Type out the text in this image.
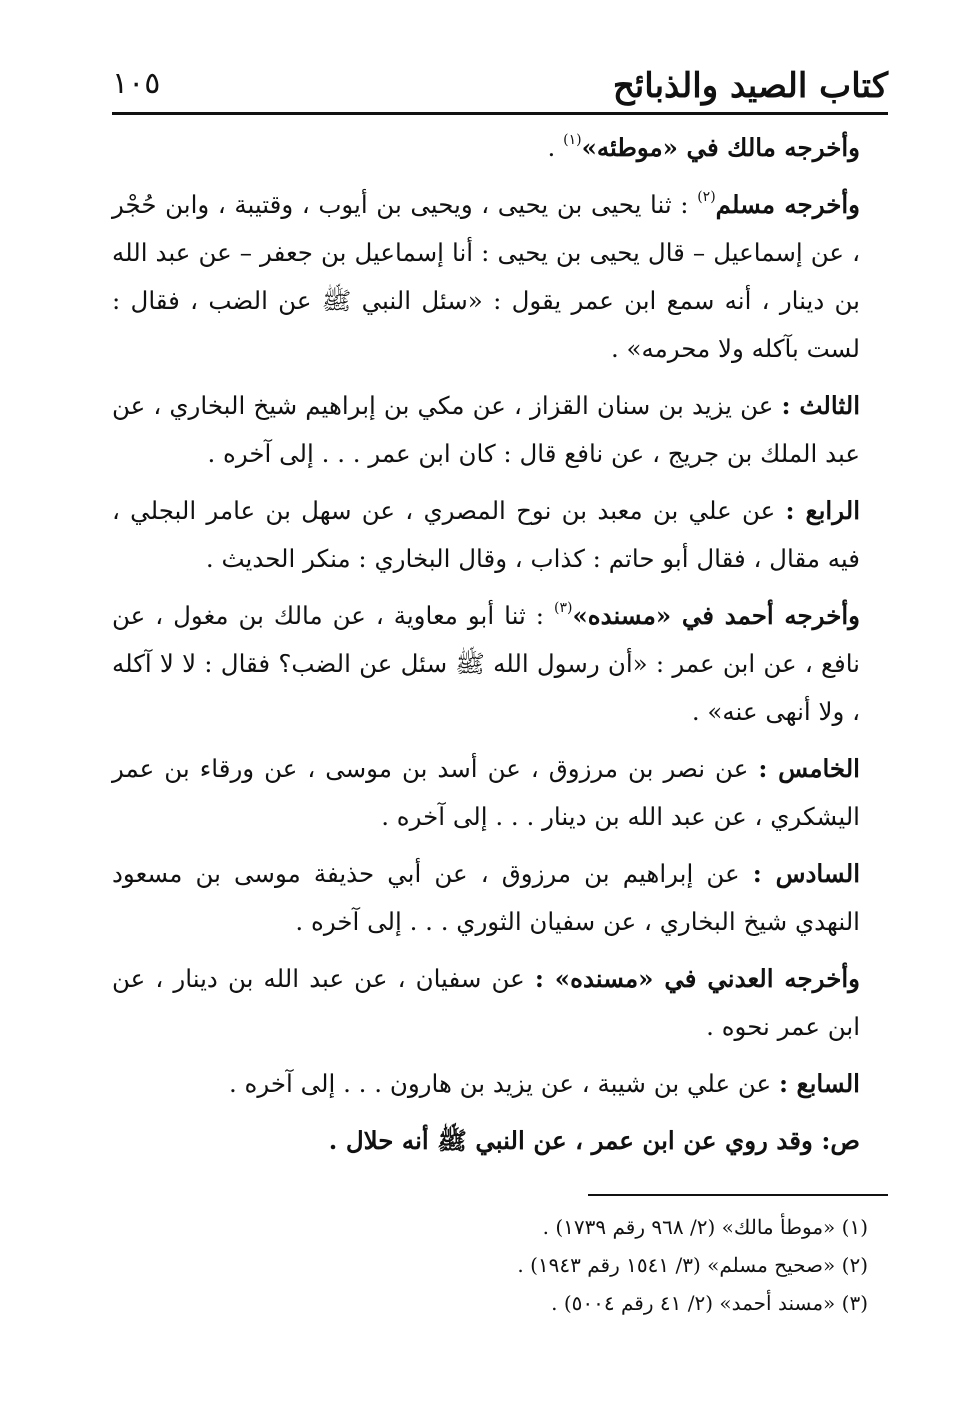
كتاب الصيد والذبائح
١٠٥

وأخرجه مالك في «موطئه»$^{(١)}$ .

وأخرجه مسلم$^{(٢)}$ : ثنا يحيى بن يحيى ، ويحيى بن أيوب ، وقتيبة ، وابن حُجْر ، عن إسماعيل – قال يحيى بن يحيى : أنا إسماعيل بن جعفر – عن عبد الله بن دينار ، أنه سمع ابن عمر يقول : «سئل النبي ﷺ عن الضب ، فقال : لست بآكله ولا محرمه» .

الثالث : عن يزيد بن سنان القزاز ، عن مكي بن إبراهيم شيخ البخاري ، عن عبد الملك بن جريج ، عن نافع قال : كان ابن عمر . . . إلى آخره .

الرابع : عن علي بن معبد بن نوح المصري ، عن سهل بن عامر البجلي ، فيه مقال ، فقال أبو حاتم : كذاب ، وقال البخاري : منكر الحديث .

وأخرجه أحمد في «مسنده»$^{(٣)}$ : ثنا أبو معاوية ، عن مالك بن مغول ، عن نافع ، عن ابن عمر : «أن رسول الله ﷺ سئل عن الضب؟ فقال : لا لا آكله ، ولا أنهى عنه» .

الخامس : عن نصر بن مرزوق ، عن أسد بن موسى ، عن ورقاء بن عمر اليشكري ، عن عبد الله بن دينار . . . إلى آخره .

السادس : عن إبراهيم بن مرزوق ، عن أبي حذيفة موسى بن مسعود النهدي شيخ البخاري ، عن سفيان الثوري . . . إلى آخره .

وأخرجه العدني في «مسنده» : عن سفيان ، عن عبد الله بن دينار ، عن ابن عمر نحوه .

السابع : عن علي بن شيبة ، عن يزيد بن هارون . . . إلى آخره .

ص: وقد روي عن ابن عمر ، عن النبي ﷺ أنه حلال .

(١) «موطأ مالك» (٢/ ٩٦٨ رقم ١٧٣٩) .
(٢) «صحيح مسلم» (٣/ ١٥٤١ رقم ١٩٤٣) .
(٣) «مسند أحمد» (٢/ ٤١ رقم ٥٠٠٤) .
